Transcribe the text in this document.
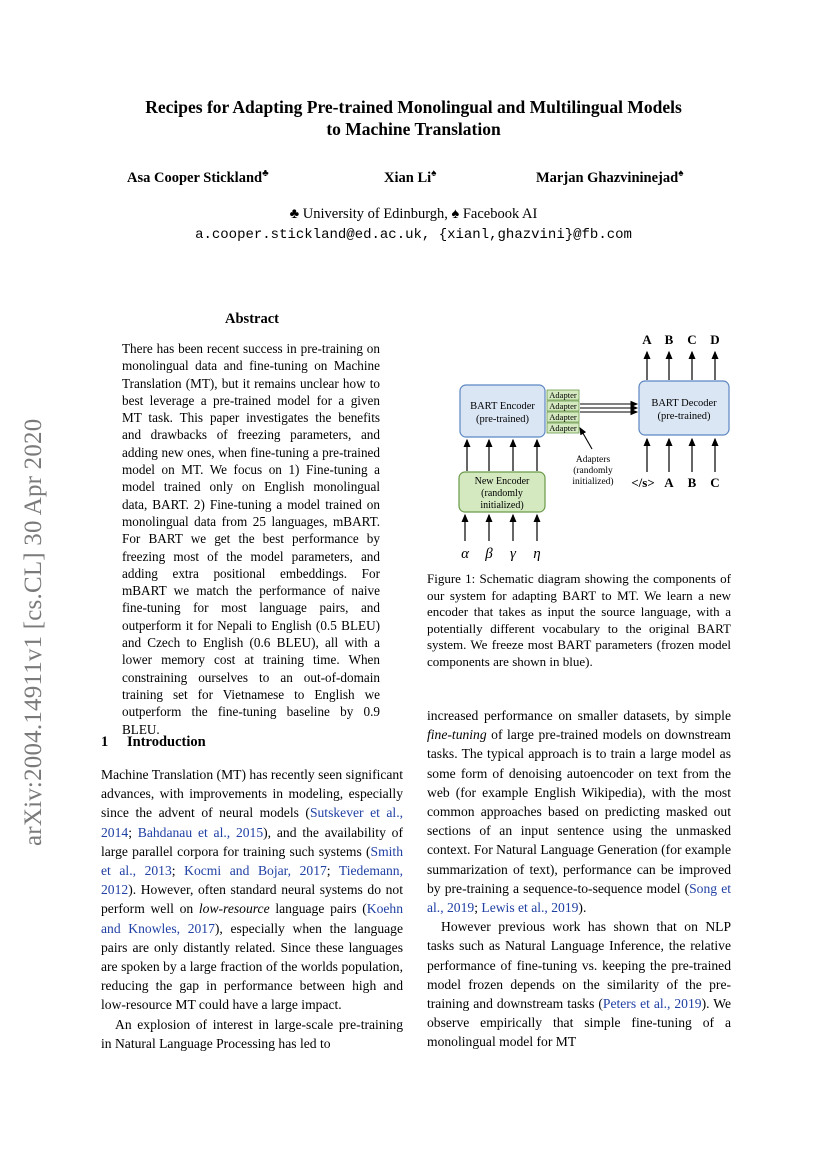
Recipes for Adapting Pre-trained Monolingual and Multilingual Models
to Machine Translation
Asa Cooper Stickland♣	Xian Li♠	Marjan Ghazvininejad♠
♣ University of Edinburgh, ♠ Facebook AI
a.cooper.stickland@ed.ac.uk, {xianl,ghazvini}@fb.com
arXiv:2004.14911v1 [cs.CL] 30 Apr 2020
Abstract
There has been recent success in pre-training on monolingual data and fine-tuning on Machine Translation (MT), but it remains unclear how to best leverage a pre-trained model for a given MT task. This paper investigates the benefits and drawbacks of freezing parameters, and adding new ones, when fine-tuning a pre-trained model on MT. We focus on 1) Fine-tuning a model trained only on English monolingual data, BART. 2) Fine-tuning a model trained on monolingual data from 25 languages, mBART. For BART we get the best performance by freezing most of the model parameters, and adding extra positional embeddings. For mBART we match the performance of naive fine-tuning for most language pairs, and outperform it for Nepali to English (0.5 BLEU) and Czech to English (0.6 BLEU), all with a lower memory cost at training time. When constraining ourselves to an out-of-domain training set for Vietnamese to English we outperform the fine-tuning baseline by 0.9 BLEU.
A B C D
BART Decoder
(pre-trained)
</s> A B C
BART Encoder
(pre-trained)
Adapter
Adapter
Adapter
Adapter
Adapters
(randomly
initialized)
New Encoder
(randomly
initialized)
α β γ η
Figure 1: Schematic diagram showing the components of our system for adapting BART to MT. We learn a new encoder that takes as input the source language, with a potentially different vocabulary to the original BART system. We freeze most BART parameters (frozen model components are shown in blue).
1 Introduction

Machine Translation (MT) has recently seen significant advances, with improvements in modeling, especially since the advent of neural models (Sutskever et al., 2014; Bahdanau et al., 2015), and the availability of large parallel corpora for training such systems (Smith et al., 2013; Kocmi and Bojar, 2017; Tiedemann, 2012). However, often standard neural systems do not perform well on low-resource language pairs (Koehn and Knowles, 2017), especially when the language pairs are only distantly related. Since these languages are spoken by a large fraction of the worlds population, reducing the gap in performance between high and low-resource MT could have a large impact.

An explosion of interest in large-scale pre-training in Natural Language Processing has led to

increased performance on smaller datasets, by simple fine-tuning of large pre-trained models on downstream tasks. The typical approach is to train a large model as some form of denoising autoencoder on text from the web (for example English Wikipedia), with the most common approaches based on predicting masked out sections of an input sentence using the unmasked context. For Natural Language Generation (for example summarization of text), performance can be improved by pre-training a sequence-to-sequence model (Song et al., 2019; Lewis et al., 2019).

However previous work has shown that on NLP tasks such as Natural Language Inference, the relative performance of fine-tuning vs. keeping the pre-trained model frozen depends on the similarity of the pre-training and downstream tasks (Peters et al., 2019). We observe empirically that simple fine-tuning of a monolingual model for MT
